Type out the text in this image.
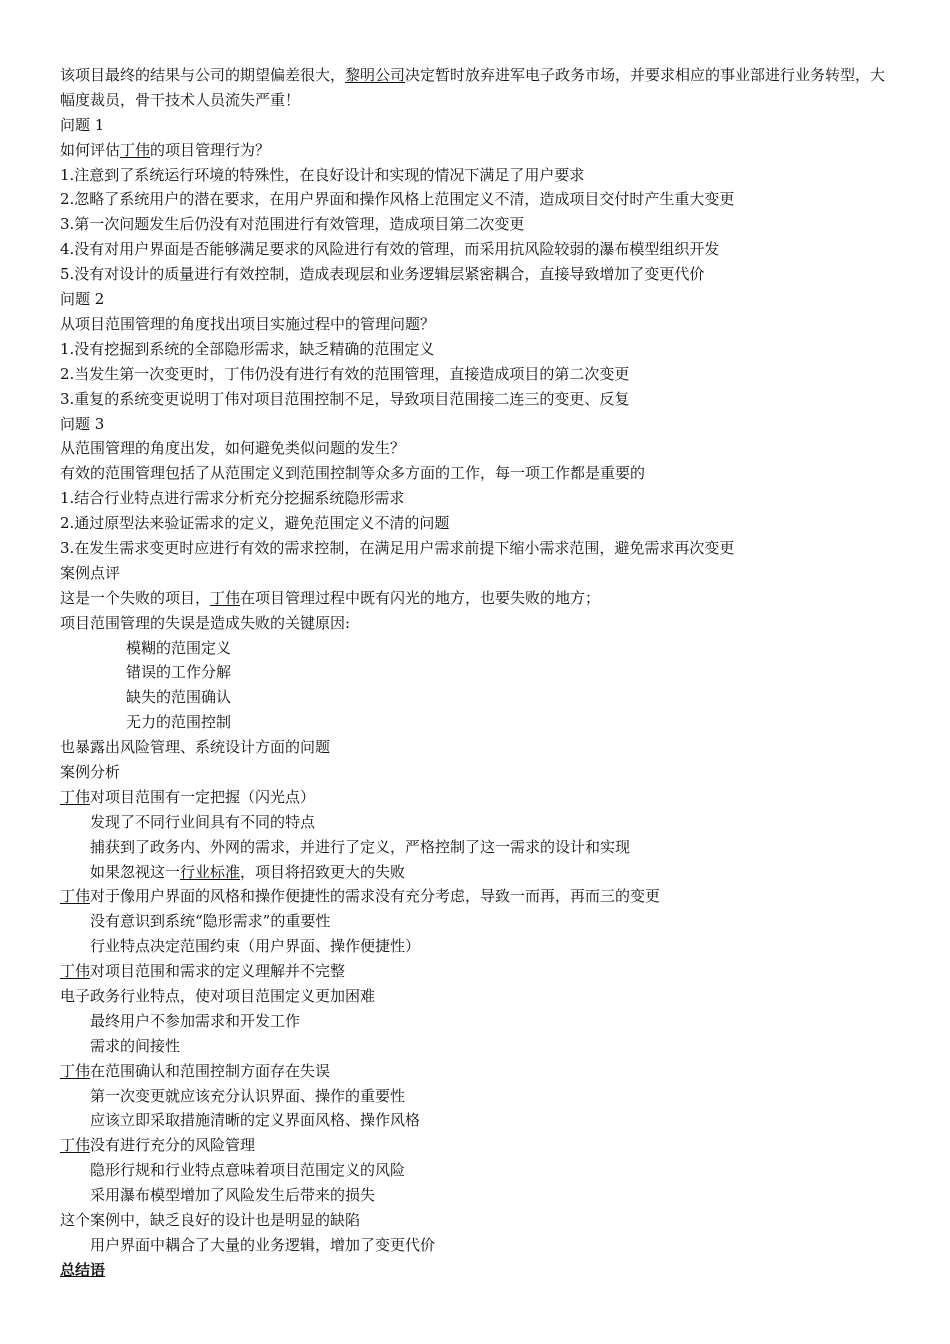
该项目最终的结果与公司的期望偏差很大，黎明公司决定暂时放弃进军电子政务市场，并要求相应的事业部进行业务转型，大幅度裁员，骨干技术人员流失严重！
问题 1
如何评估丁伟的项目管理行为？
1.注意到了系统运行环境的特殊性，在良好设计和实现的情况下满足了用户要求
2.忽略了系统用户的潜在要求，在用户界面和操作风格上范围定义不清，造成项目交付时产生重大变更
3.第一次问题发生后仍没有对范围进行有效管理，造成项目第二次变更
4.没有对用户界面是否能够满足要求的风险进行有效的管理，而采用抗风险较弱的瀑布模型组织开发
5.没有对设计的质量进行有效控制，造成表现层和业务逻辑层紧密耦合，直接导致增加了变更代价
问题 2
从项目范围管理的角度找出项目实施过程中的管理问题？
1.没有挖掘到系统的全部隐形需求，缺乏精确的范围定义
2.当发生第一次变更时，丁伟仍没有进行有效的范围管理，直接造成项目的第二次变更
3.重复的系统变更说明丁伟对项目范围控制不足，导致项目范围接二连三的变更、反复
问题 3
从范围管理的角度出发，如何避免类似问题的发生？
有效的范围管理包括了从范围定义到范围控制等众多方面的工作，每一项工作都是重要的
1.结合行业特点进行需求分析充分挖掘系统隐形需求
2.通过原型法来验证需求的定义，避免范围定义不清的问题
3.在发生需求变更时应进行有效的需求控制，在满足用户需求前提下缩小需求范围，避免需求再次变更
案例点评
这是一个失败的项目，丁伟在项目管理过程中既有闪光的地方，也要失败的地方；
项目范围管理的失误是造成失败的关键原因:
模糊的范围定义
错误的工作分解
缺失的范围确认
无力的范围控制
也暴露出风险管理、系统设计方面的问题
案例分析
丁伟对项目范围有一定把握（闪光点）
发现了不同行业间具有不同的特点
捕获到了政务内、外网的需求，并进行了定义，严格控制了这一需求的设计和实现
如果忽视这一行业标准，项目将招致更大的失败
丁伟对于像用户界面的风格和操作便捷性的需求没有充分考虑，导致一而再，再而三的变更
没有意识到系统“隐形需求”的重要性
行业特点决定范围约束（用户界面、操作便捷性）
丁伟对项目范围和需求的定义理解并不完整
电子政务行业特点，使对项目范围定义更加困难
最终用户不参加需求和开发工作
需求的间接性
丁伟在范围确认和范围控制方面存在失误
第一次变更就应该充分认识界面、操作的重要性
应该立即采取措施清晰的定义界面风格、操作风格
丁伟没有进行充分的风险管理
隐形行规和行业特点意味着项目范围定义的风险
采用瀑布模型增加了风险发生后带来的损失
这个案例中，缺乏良好的设计也是明显的缺陷
用户界面中耦合了大量的业务逻辑，增加了变更代价
总结语
